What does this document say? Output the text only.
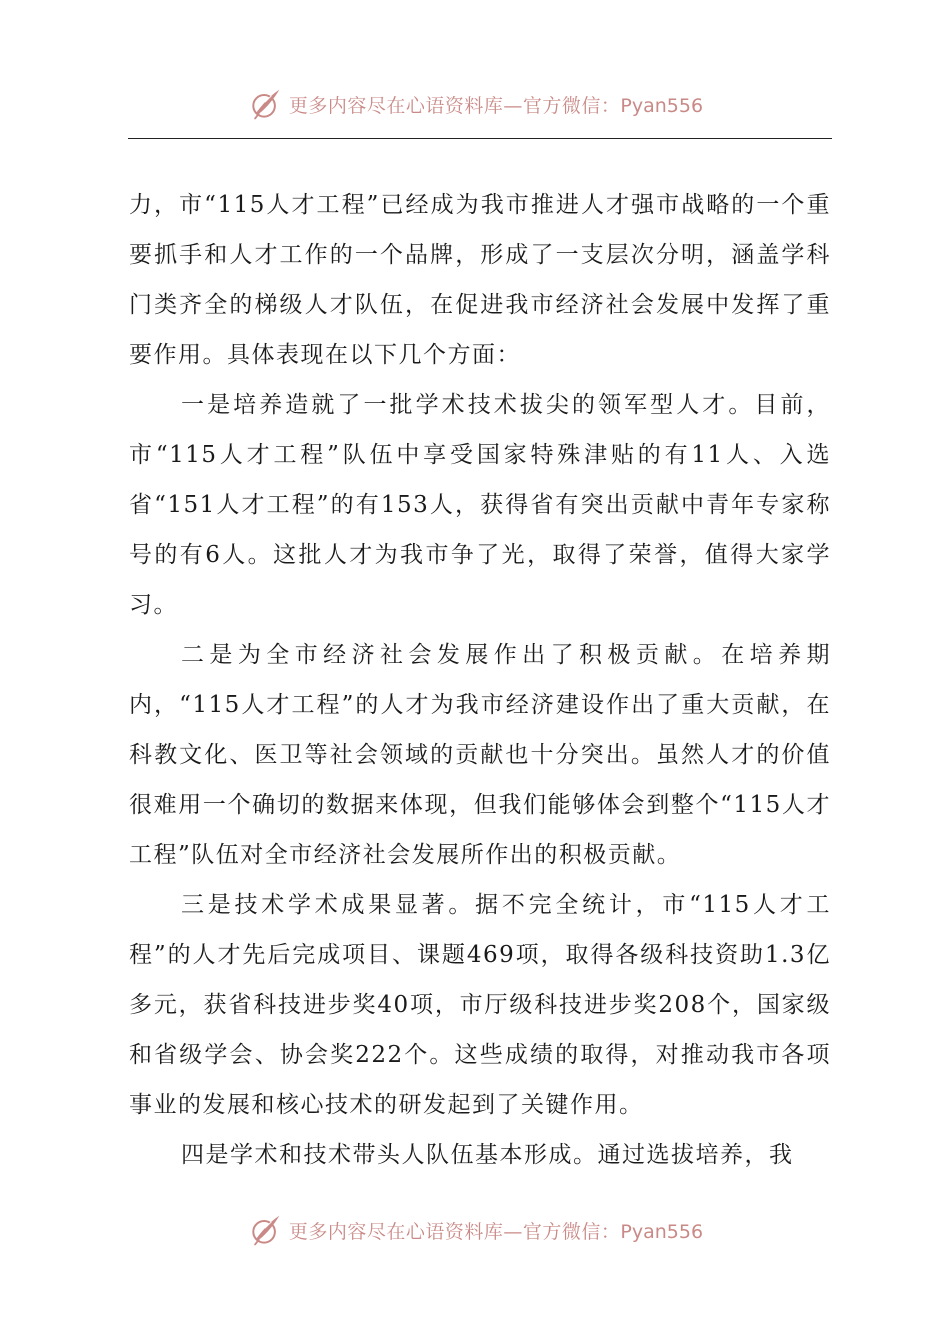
更多内容尽在心语资料库—官方微信：Pyan556

力，市“115人才工程”已经成为我市推进人才强市战略的一个重要抓手和人才工作的一个品牌，形成了一支层次分明，涵盖学科门类齐全的梯级人才队伍，在促进我市经济社会发展中发挥了重要作用。具体表现在以下几个方面：

一是培养造就了一批学术技术拔尖的领军型人才。目前，市“115人才工程”队伍中享受国家特殊津贴的有11人、入选省“151人才工程”的有153人，获得省有突出贡献中青年专家称号的有6人。这批人才为我市争了光，取得了荣誉，值得大家学习。

二是为全市经济社会发展作出了积极贡献。在培养期内，“115人才工程”的人才为我市经济建设作出了重大贡献，在科教文化、医卫等社会领域的贡献也十分突出。虽然人才的价值很难用一个确切的数据来体现，但我们能够体会到整个“115人才工程”队伍对全市经济社会发展所作出的积极贡献。

三是技术学术成果显著。据不完全统计，市“115人才工程”的人才先后完成项目、课题469项，取得各级科技资助1.3亿多元，获省科技进步奖40项，市厅级科技进步奖208个，国家级和省级学会、协会奖222个。这些成绩的取得，对推动我市各项事业的发展和核心技术的研发起到了关键作用。

四是学术和技术带头人队伍基本形成。通过选拔培养，我

更多内容尽在心语资料库—官方微信：Pyan556
